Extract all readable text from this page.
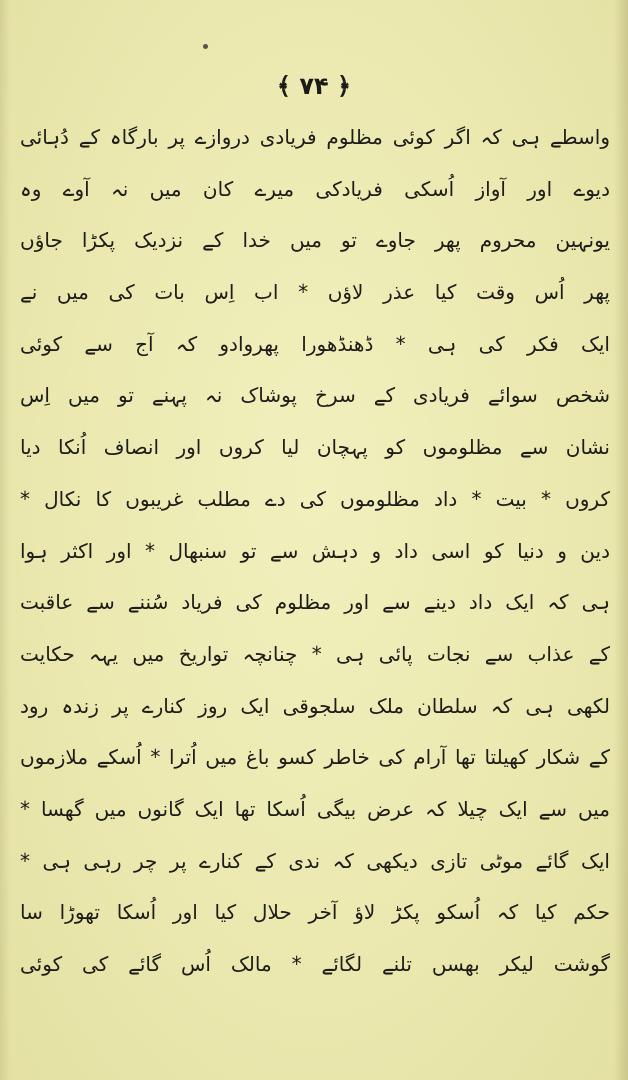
﴿ ۷۴ ﴾
واسطے ہی کہ اگر کوئی مظلوم فریادی دروازے پر بارگاہ کے دُہائی
دیوے اور آواز اُسکی فریادکی میرے کان میں نہ آوے وہ
یونہین محروم پھر جاوے تو میں خدا کے نزدیک پکڑا جاؤں
پھر اُس وقت کیا عذر لاؤں * اب اِس بات کی میں نے
ایک فکر کی ہی * ڈھنڈھورا پھروادو کہ آج سے کوئی
شخص سوائے فریادی کے سرخ پوشاک نہ پہنے تو میں اِس
نشان سے مظلوموں کو پہچان لیا کروں اور انصاف اُنکا دیا
کروں * بیت * داد مظلوموں کی دے مطلب غریبوں کا نکال *
دین و دنیا کو اسی داد و دہش سے تو سنبھال * اور اکثر ہوا
ہی کہ ایک داد دینے سے اور مظلوم کی فریاد سُننے سے عاقبت
کے عذاب سے نجات پائی ہی * چنانچہ تواریخ میں یہہ حکایت
لکھی ہی کہ سلطان ملک سلجوقی ایک روز کنارے پر زندہ رود
کے شکار کھیلتا تھا آرام کی خاطر کسو باغ میں اُترا * اُسکے ملازموں
میں سے ایک چیلا کہ عرض بیگی اُسکا تھا ایک گانوں میں گھسا *
ایک گائے موٹی تازی دیکھی کہ ندی کے کنارے پر چر رہی ہی *
حکم کیا کہ اُسکو پکڑ لاؤ آخر حلال کیا اور اُسکا تھوڑا سا
گوشت لیکر بھسں تلنے لگائے * مالک اُس گائے کی کوئی
